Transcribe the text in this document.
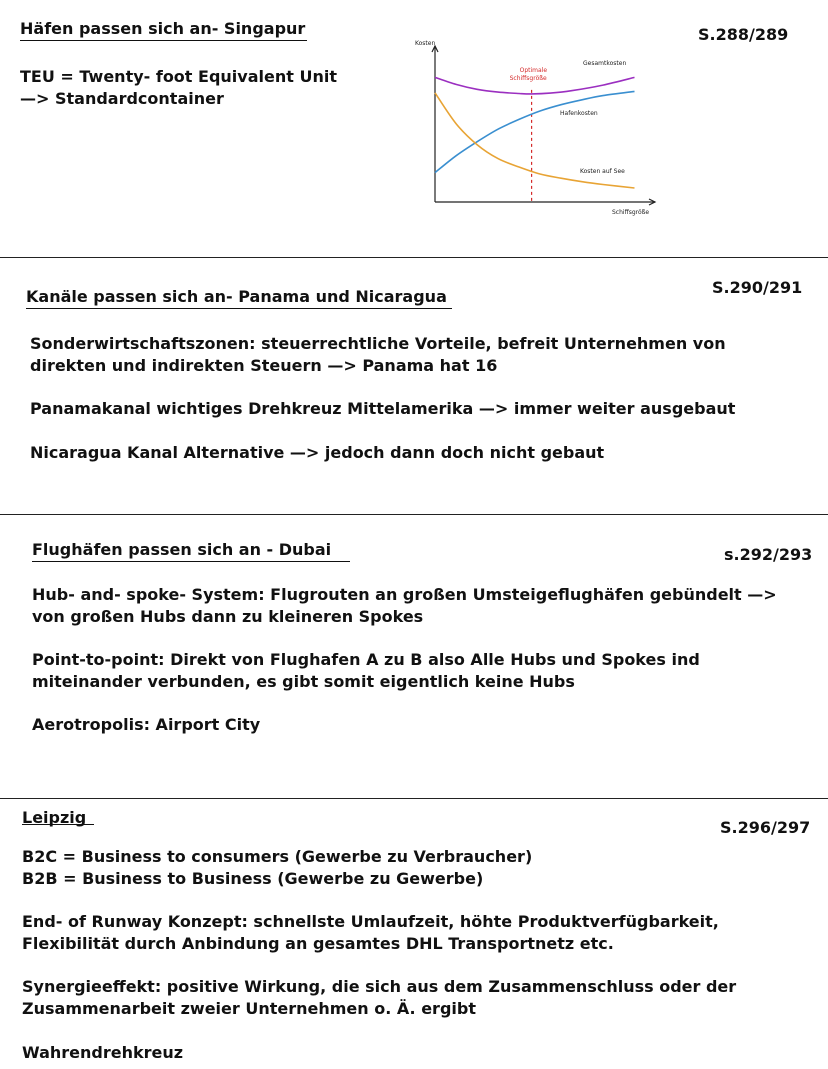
Häfen passen sich an- Singapur	S.288/289
TEU = Twenty- foot Equivalent Unit
—> Standardcontainer
Kosten
Schiffsgröße
Optimale
Schiffsgröße
Gesamtkosten
Hafenkosten
Kosten auf See
Kanäle passen sich an- Panama und Nicaragua	S.290/291
Sonderwirtschaftszonen: steuerrechtliche Vorteile, befreit Unternehmen von
direkten und indirekten Steuern —> Panama hat 16
Panamakanal wichtiges Drehkreuz Mittelamerika —> immer weiter ausgebaut
Nicaragua Kanal Alternative —> jedoch dann doch nicht gebaut
Flughäfen passen sich an - Dubai	s.292/293
Hub- and- spoke- System: Flugrouten an großen Umsteigeflughäfen gebündelt —>
von großen Hubs dann zu kleineren Spokes
Point-to-point: Direkt von Flughafen A zu B also Alle Hubs und Spokes ind
miteinander verbunden, es gibt somit eigentlich keine Hubs
Aerotropolis: Airport City
Leipzig
S.296/297
B2C = Business to consumers (Gewerbe zu Verbraucher)
B2B = Business to Business (Gewerbe zu Gewerbe)
End- of Runway Konzept: schnellste Umlaufzeit, höhte Produktverfügbarkeit,
Flexibilität durch Anbindung an gesamtes DHL Transportnetz etc.
Synergieeffekt: positive Wirkung, die sich aus dem Zusammenschluss oder der
Zusammenarbeit zweier Unternehmen o. Ä. ergibt
Wahrendrehkreuz
